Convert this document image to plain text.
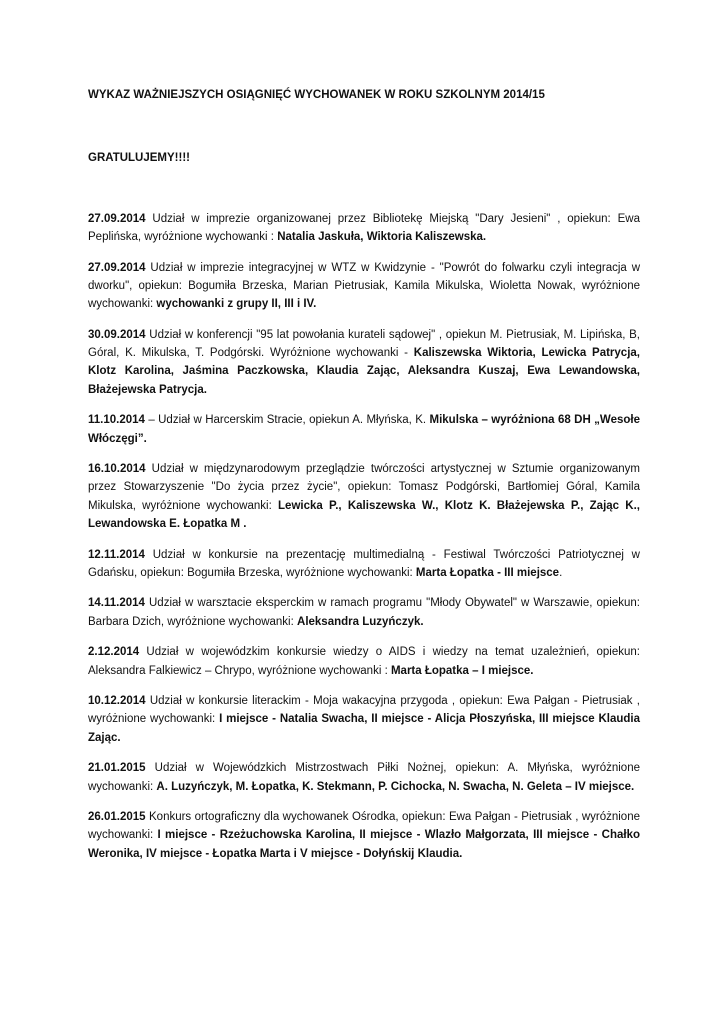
WYKAZ WAŻNIEJSZYCH OSIĄGNIĘĆ WYCHOWANEK W ROKU SZKOLNYM 2014/15
GRATULUJEMY!!!!

27.09.2014 Udział w imprezie organizowanej przez Bibliotekę Miejską "Dary Jesieni" , opiekun: Ewa Peplińska, wyróżnione wychowanki : Natalia Jaskuła, Wiktoria Kaliszewska.

27.09.2014 Udział w imprezie integracyjnej w WTZ w Kwidzynie - "Powrót do folwarku czyli integracja w dworku", opiekun: Bogumiła Brzeska, Marian Pietrusiak, Kamila Mikulska, Wioletta Nowak, wyróżnione wychowanki: wychowanki z grupy II, III i IV.

30.09.2014 Udział w konferencji "95 lat powołania kurateli sądowej" , opiekun M. Pietrusiak, M. Lipińska, B, Góral, K. Mikulska, T. Podgórski. Wyróżnione wychowanki - Kaliszewska Wiktoria, Lewicka Patrycja, Klotz Karolina, Jaśmina Paczkowska, Klaudia Zając, Aleksandra Kuszaj, Ewa Lewandowska, Błażejewska Patrycja.

11.10.2014 – Udział w Harcerskim Stracie, opiekun A. Młyńska, K. Mikulska – wyróżniona 68 DH „Wesołe Włóczęgi”.

16.10.2014 Udział w międzynarodowym przeglądzie twórczości artystycznej w Sztumie organizowanym przez Stowarzyszenie "Do życia przez życie", opiekun: Tomasz Podgórski, Bartłomiej Góral, Kamila Mikulska, wyróżnione wychowanki: Lewicka P., Kaliszewska W., Klotz K. Błażejewska P., Zając K., Lewandowska E. Łopatka M .

12.11.2014 Udział w konkursie na prezentację multimedialną - Festiwal Twórczości Patriotycznej w Gdańsku, opiekun: Bogumiła Brzeska, wyróżnione wychowanki: Marta Łopatka - III miejsce.

14.11.2014 Udział w warsztacie eksperckim w ramach programu "Młody Obywatel" w Warszawie, opiekun: Barbara Dzich, wyróżnione wychowanki: Aleksandra Luzyńczyk.

2.12.2014 Udział w wojewódzkim konkursie wiedzy o AIDS i wiedzy na temat uzależnień, opiekun: Aleksandra Falkiewicz – Chrypo, wyróżnione wychowanki : Marta Łopatka – I miejsce.

10.12.2014 Udział w konkursie literackim - Moja wakacyjna przygoda , opiekun: Ewa Pałgan - Pietrusiak , wyróżnione wychowanki: I miejsce - Natalia Swacha, II miejsce - Alicja Płoszyńska, III miejsce Klaudia Zając.

21.01.2015 Udział w Wojewódzkich Mistrzostwach Piłki Nożnej, opiekun: A. Młyńska, wyróżnione wychowanki: A. Luzyńczyk, M. Łopatka, K. Stekmann, P. Cichocka, N. Swacha, N. Geleta – IV miejsce.

26.01.2015 Konkurs ortograficzny dla wychowanek Ośrodka, opiekun: Ewa Pałgan - Pietrusiak , wyróżnione wychowanki: I miejsce - Rzeżuchowska Karolina, II miejsce - Wlazło Małgorzata, III miejsce - Chałko Weronika, IV miejsce - Łopatka Marta i V miejsce - Dołyńskij Klaudia.
